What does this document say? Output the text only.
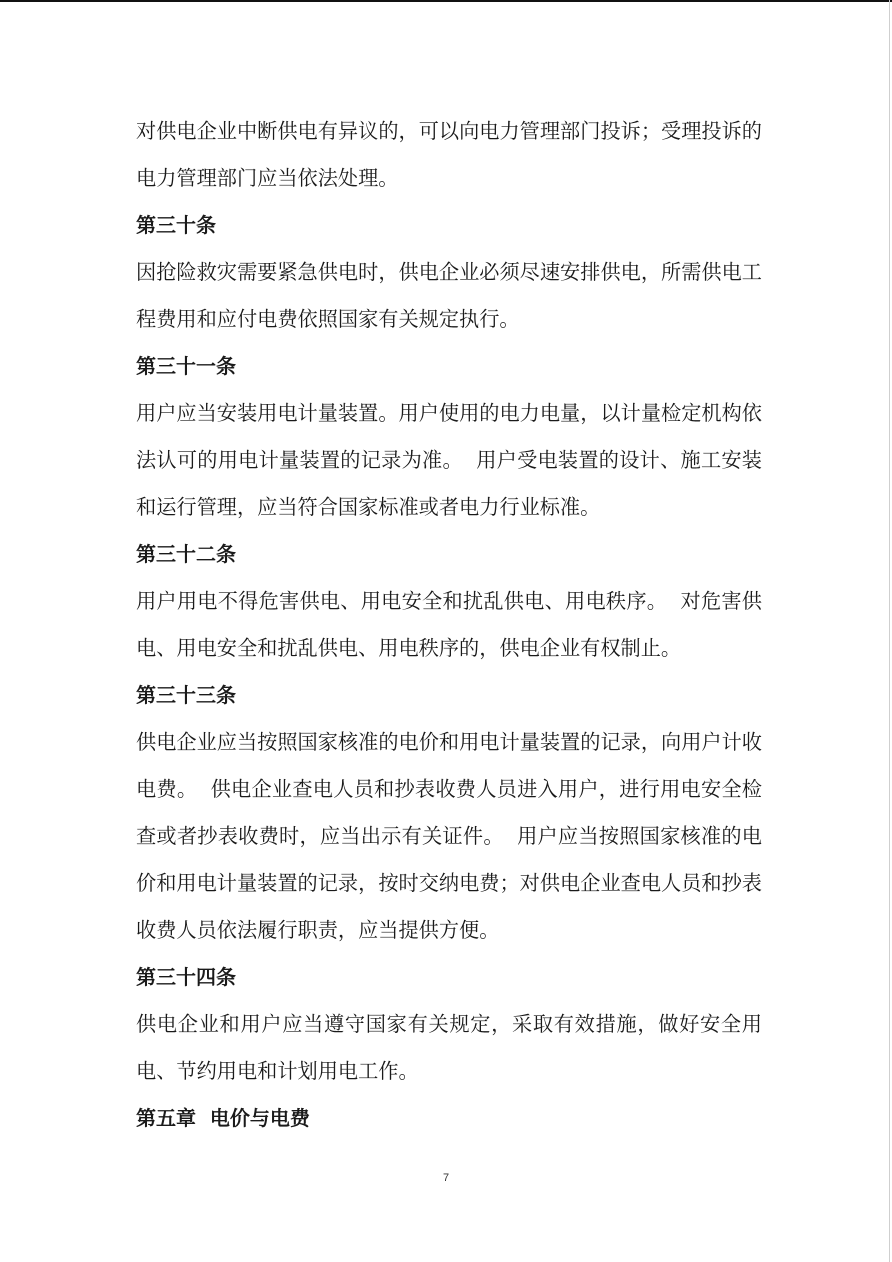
对供电企业中断供电有异议的，可以向电力管理部门投诉；受理投诉的电力管理部门应当依法处理。

第三十条

因抢险救灾需要紧急供电时，供电企业必须尽速安排供电，所需供电工程费用和应付电费依照国家有关规定执行。

第三十一条

用户应当安装用电计量装置。用户使用的电力电量，以计量检定机构依法认可的用电计量装置的记录为准。  用户受电装置的设计、施工安装和运行管理，应当符合国家标准或者电力行业标准。

第三十二条

用户用电不得危害供电、用电安全和扰乱供电、用电秩序。  对危害供电、用电安全和扰乱供电、用电秩序的，供电企业有权制止。

第三十三条

供电企业应当按照国家核准的电价和用电计量装置的记录，向用户计收电费。  供电企业查电人员和抄表收费人员进入用户，进行用电安全检查或者抄表收费时，应当出示有关证件。  用户应当按照国家核准的电价和用电计量装置的记录，按时交纳电费；对供电企业查电人员和抄表收费人员依法履行职责，应当提供方便。

第三十四条

供电企业和用户应当遵守国家有关规定，采取有效措施，做好安全用电、节约用电和计划用电工作。

第五章  电价与电费

7
